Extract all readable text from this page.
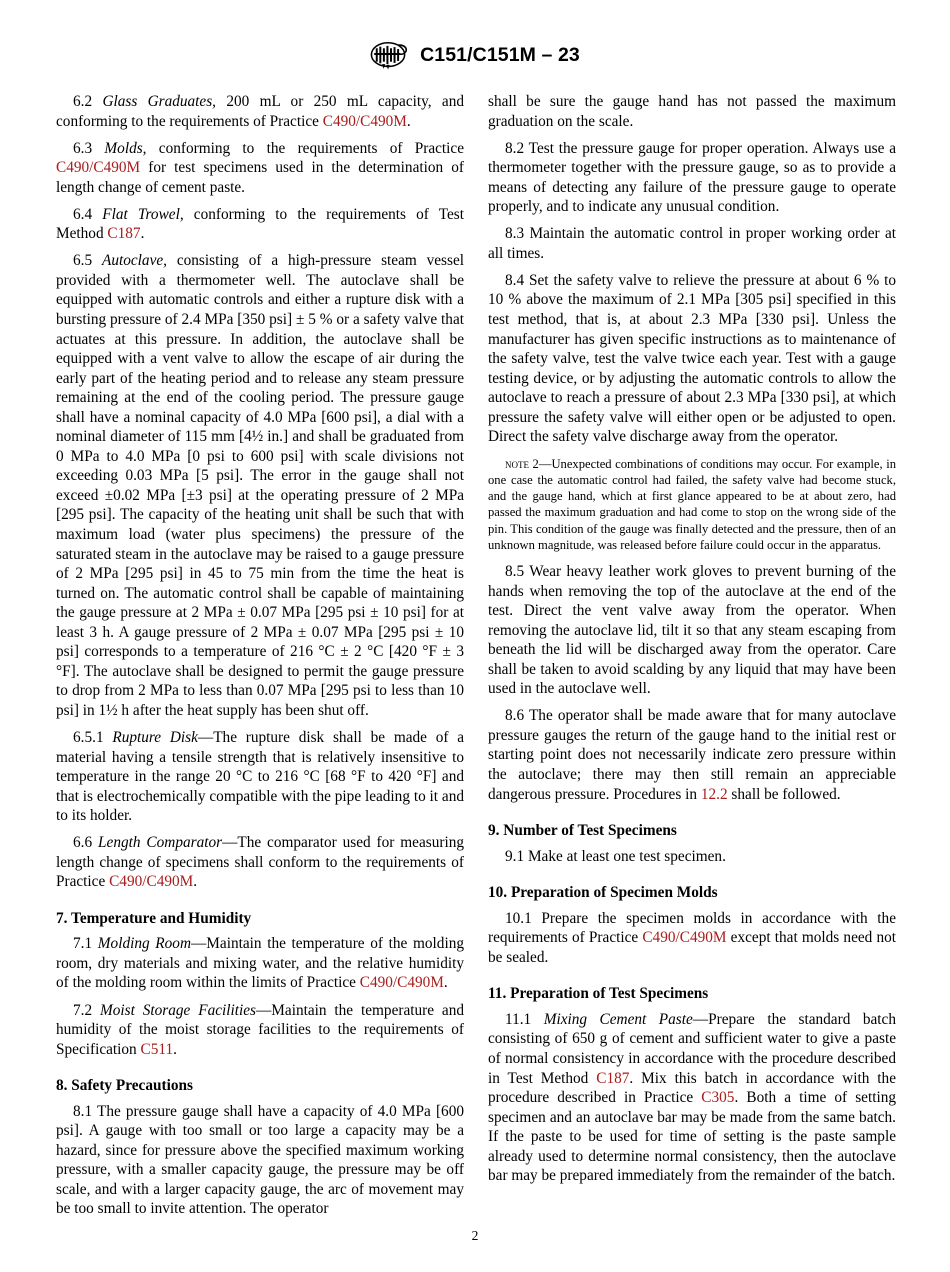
C151/C151M – 23

6.2 Glass Graduates, 200 mL or 250 mL capacity, and conforming to the requirements of Practice C490/C490M.

6.3 Molds, conforming to the requirements of Practice C490/C490M for test specimens used in the determination of length change of cement paste.

6.4 Flat Trowel, conforming to the requirements of Test Method C187.

6.5 Autoclave, consisting of a high-pressure steam vessel provided with a thermometer well. The autoclave shall be equipped with automatic controls and either a rupture disk with a bursting pressure of 2.4 MPa [350 psi] ± 5 % or a safety valve that actuates at this pressure. In addition, the autoclave shall be equipped with a vent valve to allow the escape of air during the early part of the heating period and to release any steam pressure remaining at the end of the cooling period. The pressure gauge shall have a nominal capacity of 4.0 MPa [600 psi], a dial with a nominal diameter of 115 mm [4½ in.] and shall be graduated from 0 MPa to 4.0 MPa [0 psi to 600 psi] with scale divisions not exceeding 0.03 MPa [5 psi]. The error in the gauge shall not exceed ±0.02 MPa [±3 psi] at the operating pressure of 2 MPa [295 psi]. The capacity of the heating unit shall be such that with maximum load (water plus specimens) the pressure of the saturated steam in the autoclave may be raised to a gauge pressure of 2 MPa [295 psi] in 45 to 75 min from the time the heat is turned on. The automatic control shall be capable of maintaining the gauge pressure at 2 MPa ± 0.07 MPa [295 psi ± 10 psi] for at least 3 h. A gauge pressure of 2 MPa ± 0.07 MPa [295 psi ± 10 psi] corresponds to a temperature of 216 °C ± 2 °C [420 °F ± 3 °F]. The autoclave shall be designed to permit the gauge pressure to drop from 2 MPa to less than 0.07 MPa [295 psi to less than 10 psi] in 1½ h after the heat supply has been shut off.

6.5.1 Rupture Disk—The rupture disk shall be made of a material having a tensile strength that is relatively insensitive to temperature in the range 20 °C to 216 °C [68 °F to 420 °F] and that is electrochemically compatible with the pipe leading to it and to its holder.

6.6 Length Comparator—The comparator used for measuring length change of specimens shall conform to the requirements of Practice C490/C490M.

7. Temperature and Humidity

7.1 Molding Room—Maintain the temperature of the molding room, dry materials and mixing water, and the relative humidity of the molding room within the limits of Practice C490/C490M.

7.2 Moist Storage Facilities—Maintain the temperature and humidity of the moist storage facilities to the requirements of Specification C511.

8. Safety Precautions

8.1 The pressure gauge shall have a capacity of 4.0 MPa [600 psi]. A gauge with too small or too large a capacity may be a hazard, since for pressure above the specified maximum working pressure, with a smaller capacity gauge, the pressure may be off scale, and with a larger capacity gauge, the arc of movement may be too small to invite attention. The operator

shall be sure the gauge hand has not passed the maximum graduation on the scale.

8.2 Test the pressure gauge for proper operation. Always use a thermometer together with the pressure gauge, so as to provide a means of detecting any failure of the pressure gauge to operate properly, and to indicate any unusual condition.

8.3 Maintain the automatic control in proper working order at all times.

8.4 Set the safety valve to relieve the pressure at about 6 % to 10 % above the maximum of 2.1 MPa [305 psi] specified in this test method, that is, at about 2.3 MPa [330 psi]. Unless the manufacturer has given specific instructions as to maintenance of the safety valve, test the valve twice each year. Test with a gauge testing device, or by adjusting the automatic controls to allow the autoclave to reach a pressure of about 2.3 MPa [330 psi], at which pressure the safety valve will either open or be adjusted to open. Direct the safety valve discharge away from the operator.

note 2—Unexpected combinations of conditions may occur. For example, in one case the automatic control had failed, the safety valve had become stuck, and the gauge hand, which at first glance appeared to be at about zero, had passed the maximum graduation and had come to stop on the wrong side of the pin. This condition of the gauge was finally detected and the pressure, then of an unknown magnitude, was released before failure could occur in the apparatus.

8.5 Wear heavy leather work gloves to prevent burning of the hands when removing the top of the autoclave at the end of the test. Direct the vent valve away from the operator. When removing the autoclave lid, tilt it so that any steam escaping from beneath the lid will be discharged away from the operator. Care shall be taken to avoid scalding by any liquid that may have been used in the autoclave well.

8.6 The operator shall be made aware that for many autoclave pressure gauges the return of the gauge hand to the initial rest or starting point does not necessarily indicate zero pressure within the autoclave; there may then still remain an appreciable dangerous pressure. Procedures in 12.2 shall be followed.

9. Number of Test Specimens

9.1 Make at least one test specimen.

10. Preparation of Specimen Molds

10.1 Prepare the specimen molds in accordance with the requirements of Practice C490/C490M except that molds need not be sealed.

11. Preparation of Test Specimens

11.1 Mixing Cement Paste—Prepare the standard batch consisting of 650 g of cement and sufficient water to give a paste of normal consistency in accordance with the procedure described in Test Method C187. Mix this batch in accordance with the procedure described in Practice C305. Both a time of setting specimen and an autoclave bar may be made from the same batch. If the paste to be used for time of setting is the paste sample already used to determine normal consistency, then the autoclave bar may be prepared immediately from the remainder of the batch.

2
